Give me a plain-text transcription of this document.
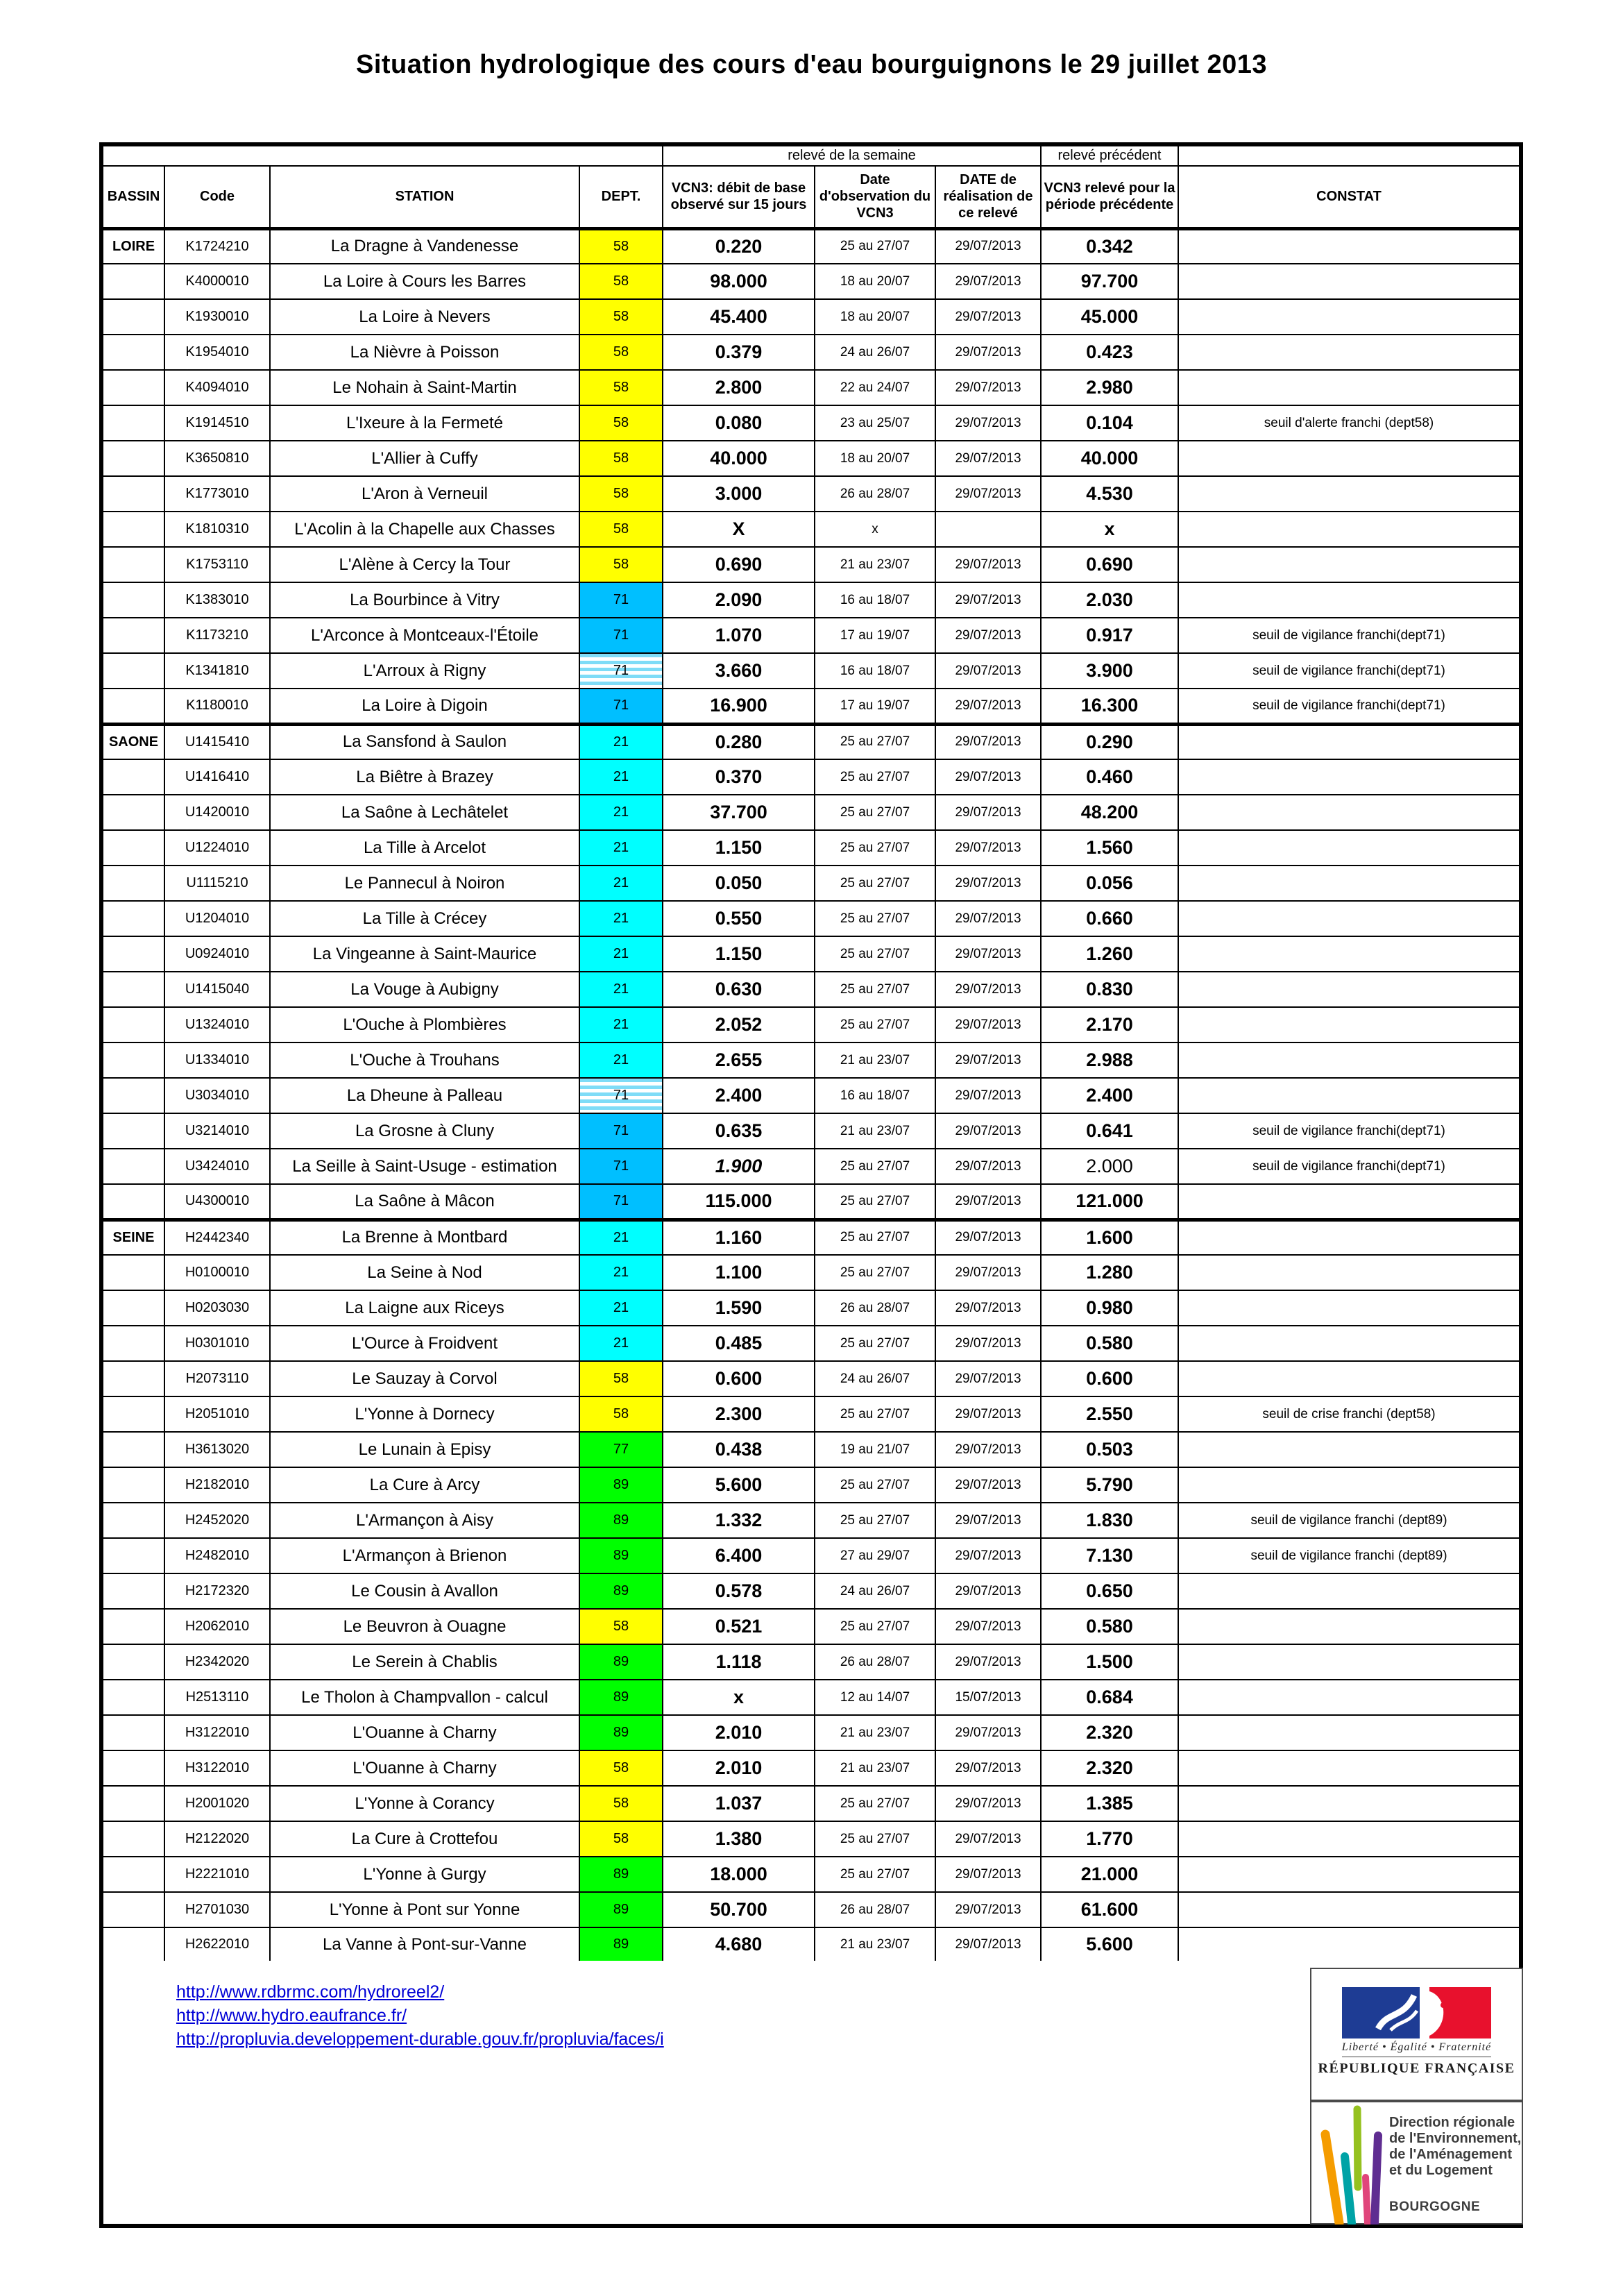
Situation hydrologique des cours d'eau bourguignons le 29 juillet 2013
				relevé de la semaine			relevé précédent	
BASSIN	Code	STATION	DEPT.	VCN3: débit de base observé sur 15 jours	Date d'observation du VCN3	DATE de réalisation de ce relevé	VCN3 relevé pour la période précédente	CONSTAT
LOIRE	K1724210	La Dragne à Vandenesse	58	0.220	25 au 27/07	29/07/2013	0.342	
	K4000010	La Loire à Cours les Barres	58	98.000	18 au 20/07	29/07/2013	97.700	
	K1930010	La Loire à Nevers	58	45.400	18 au 20/07	29/07/2013	45.000	
	K1954010	La Nièvre à Poisson	58	0.379	24 au 26/07	29/07/2013	0.423	
	K4094010	Le Nohain à Saint-Martin	58	2.800	22 au 24/07	29/07/2013	2.980	
	K1914510	L'Ixeure à la Fermeté	58	0.080	23 au 25/07	29/07/2013	0.104	seuil d'alerte franchi (dept58)
	K3650810	L'Allier à Cuffy	58	40.000	18 au 20/07	29/07/2013	40.000	
	K1773010	L'Aron à Verneuil	58	3.000	26 au 28/07	29/07/2013	4.530	
	K1810310	L'Acolin à la Chapelle aux Chasses	58	X	x		x	
	K1753110	L'Alène à Cercy la Tour	58	0.690	21 au 23/07	29/07/2013	0.690	
	K1383010	La Bourbince à Vitry	71	2.090	16 au 18/07	29/07/2013	2.030	
	K1173210	L'Arconce à Montceaux-l'Étoile	71	1.070	17 au 19/07	29/07/2013	0.917	seuil de vigilance franchi(dept71)
	K1341810	L'Arroux à Rigny	71	3.660	16 au 18/07	29/07/2013	3.900	seuil de vigilance franchi(dept71)
	K1180010	La Loire à Digoin	71	16.900	17 au 19/07	29/07/2013	16.300	seuil de vigilance franchi(dept71)
SAONE	U1415410	La Sansfond à Saulon	21	0.280	25 au 27/07	29/07/2013	0.290	
	U1416410	La Biêtre à Brazey	21	0.370	25 au 27/07	29/07/2013	0.460	
	U1420010	La Saône à Lechâtelet	21	37.700	25 au 27/07	29/07/2013	48.200	
	U1224010	La Tille à Arcelot	21	1.150	25 au 27/07	29/07/2013	1.560	
	U1115210	Le Pannecul à Noiron	21	0.050	25 au 27/07	29/07/2013	0.056	
	U1204010	La Tille à Crécey	21	0.550	25 au 27/07	29/07/2013	0.660	
	U0924010	La Vingeanne à Saint-Maurice	21	1.150	25 au 27/07	29/07/2013	1.260	
	U1415040	La Vouge à Aubigny	21	0.630	25 au 27/07	29/07/2013	0.830	
	U1324010	L'Ouche à Plombières	21	2.052	25 au 27/07	29/07/2013	2.170	
	U1334010	L'Ouche à Trouhans	21	2.655	21 au 23/07	29/07/2013	2.988	
	U3034010	La Dheune à Palleau	71	2.400	16 au 18/07	29/07/2013	2.400	
	U3214010	La Grosne à Cluny	71	0.635	21 au 23/07	29/07/2013	0.641	seuil de vigilance franchi(dept71)
	U3424010	La Seille à Saint-Usuge - estimation	71	1.900	25 au 27/07	29/07/2013	2.000	seuil de vigilance franchi(dept71)
	U4300010	La Saône à Mâcon	71	115.000	25 au 27/07	29/07/2013	121.000	
SEINE	H2442340	La Brenne à Montbard	21	1.160	25 au 27/07	29/07/2013	1.600	
	H0100010	La Seine à Nod	21	1.100	25 au 27/07	29/07/2013	1.280	
	H0203030	La Laigne aux Riceys	21	1.590	26 au 28/07	29/07/2013	0.980	
	H0301010	L'Ource à Froidvent	21	0.485	25 au 27/07	29/07/2013	0.580	
	H2073110	Le Sauzay à Corvol	58	0.600	24 au 26/07	29/07/2013	0.600	
	H2051010	L'Yonne à Dornecy	58	2.300	25 au 27/07	29/07/2013	2.550	seuil de crise franchi (dept58)
	H3613020	Le Lunain à Episy	77	0.438	19 au 21/07	29/07/2013	0.503	
	H2182010	La Cure à Arcy	89	5.600	25 au 27/07	29/07/2013	5.790	
	H2452020	L'Armançon à Aisy	89	1.332	25 au 27/07	29/07/2013	1.830	seuil de vigilance franchi (dept89)
	H2482010	L'Armançon à Brienon	89	6.400	27 au 29/07	29/07/2013	7.130	seuil de vigilance franchi (dept89)
	H2172320	Le Cousin à Avallon	89	0.578	24 au 26/07	29/07/2013	0.650	
	H2062010	Le Beuvron à Ouagne	58	0.521	25 au 27/07	29/07/2013	0.580	
	H2342020	Le Serein à Chablis	89	1.118	26 au 28/07	29/07/2013	1.500	
	H2513110	Le Tholon à Champvallon - calcul	89	x	12 au 14/07	15/07/2013	0.684	
	H3122010	L'Ouanne à Charny	89	2.010	21 au 23/07	29/07/2013	2.320	
	H3122010	L'Ouanne à Charny	58	2.010	21 au 23/07	29/07/2013	2.320	
	H2001020	L'Yonne à Corancy	58	1.037	25 au 27/07	29/07/2013	1.385	
	H2122020	La Cure à Crottefou	58	1.380	25 au 27/07	29/07/2013	1.770	
	H2221010	L'Yonne à Gurgy	89	18.000	25 au 27/07	29/07/2013	21.000	
	H2701030	L'Yonne à Pont sur Yonne	89	50.700	26 au 28/07	29/07/2013	61.600	
	H2622010	La Vanne à Pont-sur-Vanne	89	4.680	21 au 23/07	29/07/2013	5.600	
http://www.rdbrmc.com/hydroreel2/
http://www.hydro.eaufrance.fr/
http://propluvia.developpement-durable.gouv.fr/propluvia/faces/i	Liberté • Égalité • Fraternité
RÉPUBLIQUE FRANÇAISE
Direction régionale
de l'Environnement,
de l'Aménagement
et du Logement
BOURGOGNE
